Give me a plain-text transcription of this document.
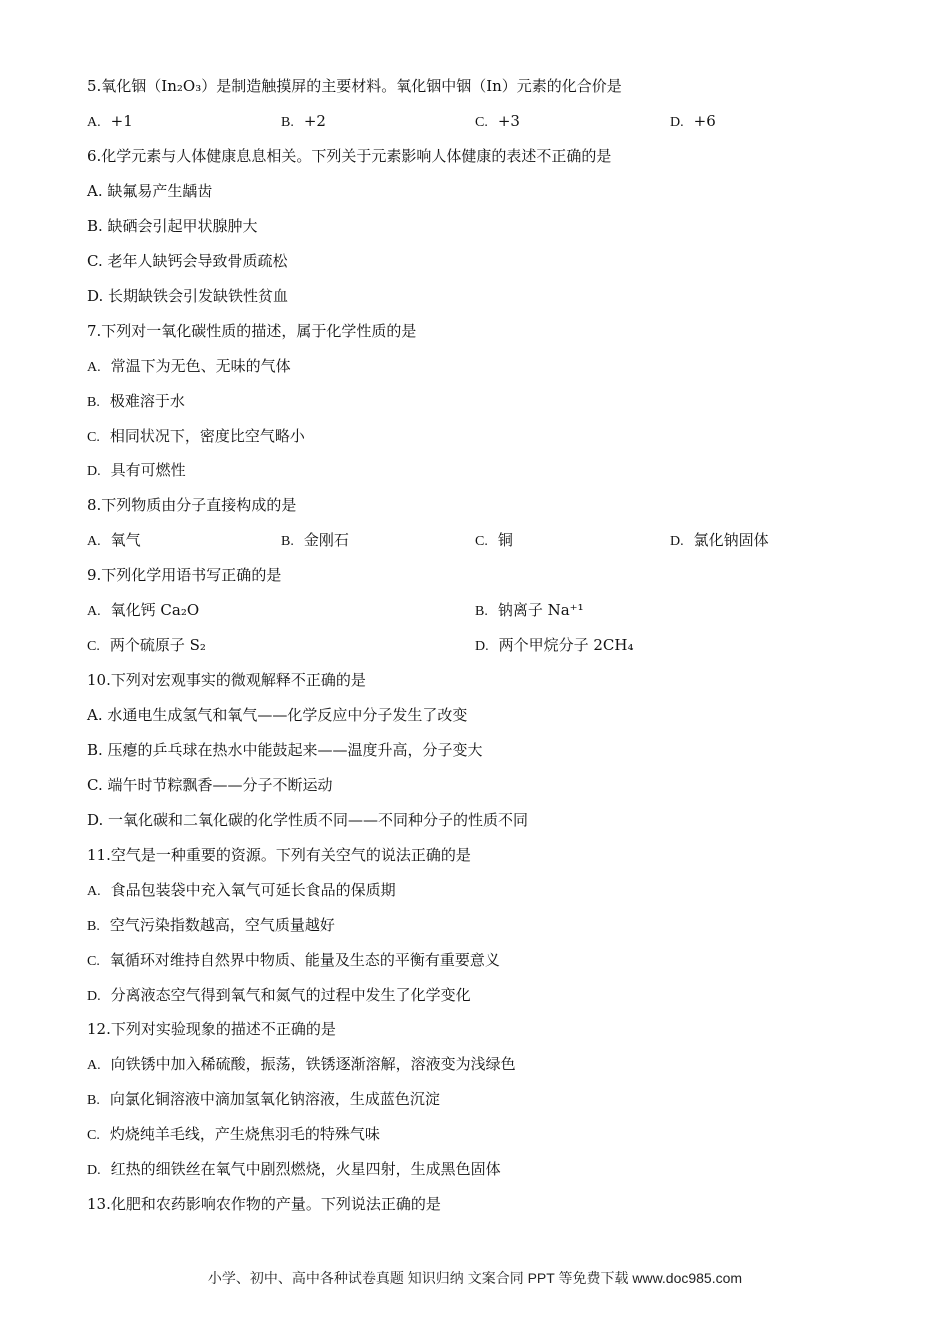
5.氧化铟（In₂O₃）是制造触摸屏的主要材料。氧化铟中铟（In）元素的化合价是
A. +1	B. +2	C. +3	D. +6
6.化学元素与人体健康息息相关。下列关于元素影响人体健康的表述不正确的是
A. 缺氟易产生龋齿
B. 缺硒会引起甲状腺肿大
C. 老年人缺钙会导致骨质疏松
D. 长期缺铁会引发缺铁性贫血
7.下列对一氧化碳性质的描述，属于化学性质的是
A. 常温下为无色、无味的气体
B. 极难溶于水
C. 相同状况下，密度比空气略小
D. 具有可燃性
8.下列物质由分子直接构成的是
A. 氧气	B. 金刚石	C. 铜	D. 氯化钠固体
9.下列化学用语书写正确的是
A. 氧化钙 Ca₂O	B. 钠离子 Na⁺¹
C. 两个硫原子 S₂	D. 两个甲烷分子 2CH₄
10.下列对宏观事实的微观解释不正确的是
A. 水通电生成氢气和氧气——化学反应中分子发生了改变
B. 压瘪的乒乓球在热水中能鼓起来——温度升高，分子变大
C. 端午时节粽飘香——分子不断运动
D. 一氧化碳和二氧化碳的化学性质不同——不同种分子的性质不同
11.空气是一种重要的资源。下列有关空气的说法正确的是
A. 食品包装袋中充入氧气可延长食品的保质期
B. 空气污染指数越高，空气质量越好
C. 氧循环对维持自然界中物质、能量及生态的平衡有重要意义
D. 分离液态空气得到氧气和氮气的过程中发生了化学变化
12.下列对实验现象的描述不正确的是
A. 向铁锈中加入稀硫酸，振荡，铁锈逐渐溶解，溶液变为浅绿色
B. 向氯化铜溶液中滴加氢氧化钠溶液，生成蓝色沉淀
C. 灼烧纯羊毛线，产生烧焦羽毛的特殊气味
D. 红热的细铁丝在氧气中剧烈燃烧，火星四射，生成黑色固体
13.化肥和农药影响农作物的产量。下列说法正确的是
小学、初中、高中各种试卷真题 知识归纳 文案合同 PPT 等免费下载 www.doc985.com
